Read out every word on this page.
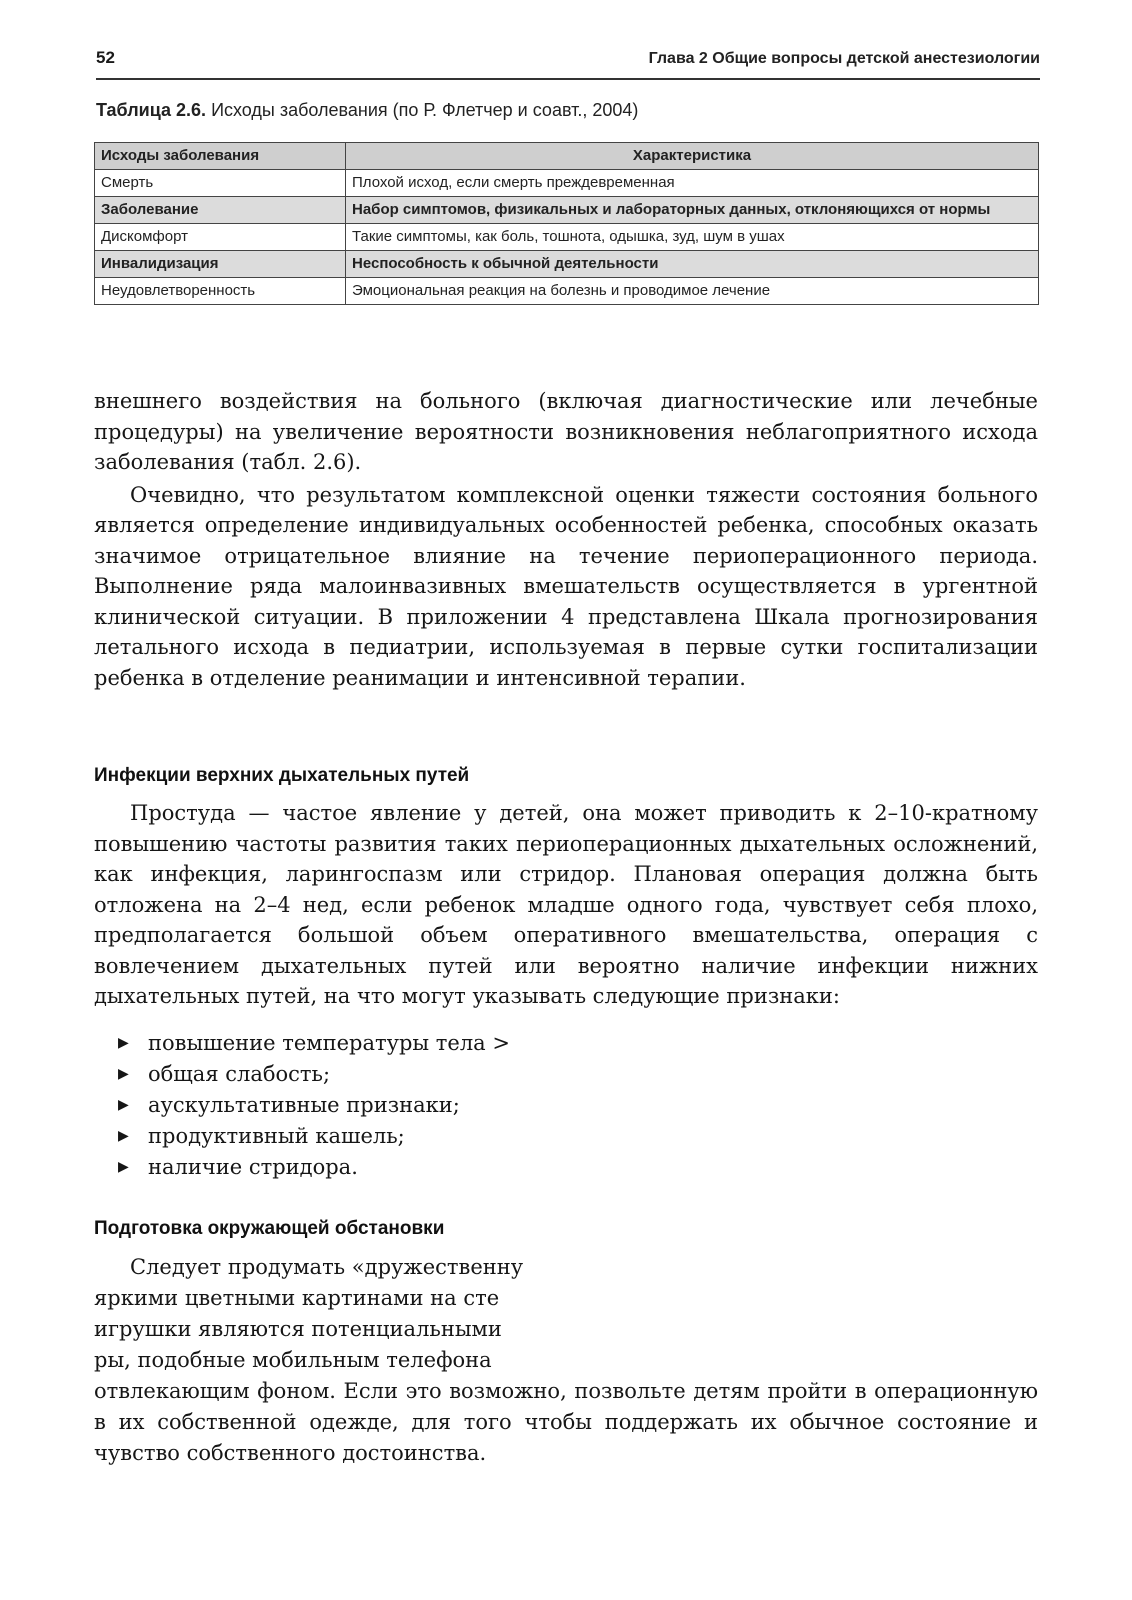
52	Глава 2 Общие вопросы детской анестезиологии
Таблица 2.6. Исходы заболевания (по Р. Флетчер и соавт., 2004)
Исходы заболевания	Характеристика
Смерть	Плохой исход, если смерть преждевременная
Заболевание	Набор симптомов, физикальных и лабораторных данных, отклоняющихся от нормы
Дискомфорт	Такие симптомы, как боль, тошнота, одышка, зуд, шум в ушах
Инвалидизация	Неспособность к обычной деятельности
Неудовлетворенность	Эмоциональная реакция на болезнь и проводимое лечение

внешнего воздействия на больного (включая диагностические или лечебные процедуры) на увеличение вероятности возникновения неблагоприятного исхода заболевания (табл. 2.6).

Очевидно, что результатом комплексной оценки тяжести состояния больного является определение индивидуальных особенностей ребенка, способных оказать значимое отрицательное влияние на течение периоперационного периода. Выполнение ряда малоинвазивных вмешательств осуществляется в ургентной клинической ситуации. В приложении 4 представлена Шкала прогнозирования летального исхода в педиатрии, используемая в первые сутки госпитализации ребенка в отделение реанимации и интенсивной терапии.

Инфекции верхних дыхательных путей

Простуда — частое явление у детей, она может приводить к 2–10-кратному повышению частоты развития таких периоперационных дыхательных осложнений, как инфекция, ларингоспазм или стридор. Плановая операция должна быть отложена на 2–4 нед, если ребенок младше одного года, чувствует себя плохо, предполагается большой объем оперативного вмешательства, операция с вовлечением дыхательных путей или вероятно наличие инфекции нижних дыхательных путей, на что могут указывать следующие признаки:

▶ повышение температуры тела >
▶ общая слабость;
▶ аускультативные признаки;
▶ продуктивный кашель;
▶ наличие стридора.
Подготовка окружающей обстановки
Следует продумать «дружественну
яркими цветными картинами на сте
игрушки являются потенциальными
ры, подобные мобильным телефона

отвлекающим фоном. Если это возможно, позвольте детям пройти в операционную в их собственной одежде, для того чтобы поддержать их обычное состояние и чувство собственного достоинства.
